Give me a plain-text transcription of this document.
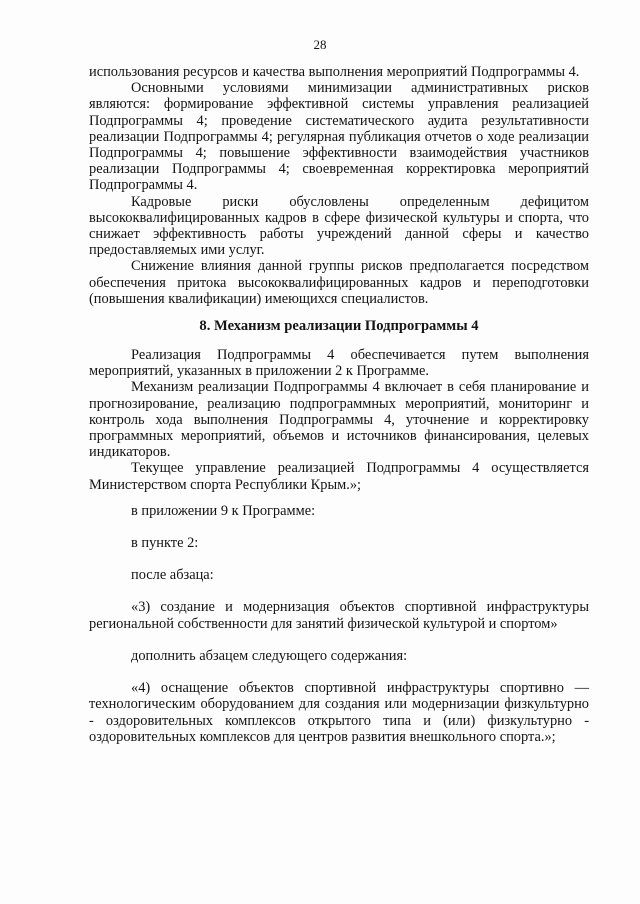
28

использования ресурсов и качества выполнения мероприятий Подпрограммы 4.

Основными условиями минимизации административных рисков являются: формирование эффективной системы управления реализацией Подпрограммы 4; проведение систематического аудита результативности реализации Подпрограммы 4; регулярная публикация отчетов о ходе реализации Подпрограммы 4; повышение эффективности взаимодействия участников реализации Подпрограммы 4; своевременная корректировка мероприятий Подпрограммы 4.

Кадровые риски обусловлены определенным дефицитом высококвалифицированных кадров в сфере физической культуры и спорта, что снижает эффективность работы учреждений данной сферы и качество предоставляемых ими услуг.

Снижение влияния данной группы рисков предполагается посредством обеспечения притока высококвалифицированных кадров и переподготовки (повышения квалификации) имеющихся специалистов.

8. Механизм реализации Подпрограммы 4

Реализация Подпрограммы 4 обеспечивается путем выполнения мероприятий, указанных в приложении 2 к Программе.

Механизм реализации Подпрограммы 4 включает в себя планирование и прогнозирование, реализацию подпрограммных мероприятий, мониторинг и контроль хода выполнения Подпрограммы 4, уточнение и корректировку программных мероприятий, объемов и источников финансирования, целевых индикаторов.

Текущее управление реализацией Подпрограммы 4 осуществляется Министерством спорта Республики Крым.»;

в приложении 9 к Программе:

в пункте 2:

после абзаца:

«3) создание и модернизация объектов спортивной инфраструктуры региональной собственности для занятий физической культурой и спортом»

дополнить абзацем следующего содержания:

«4) оснащение объектов спортивной инфраструктуры спортивно — технологическим оборудованием для создания или модернизации физкультурно - оздоровительных комплексов открытого типа и (или) физкультурно - оздоровительных комплексов для центров развития внешкольного спорта.»;
